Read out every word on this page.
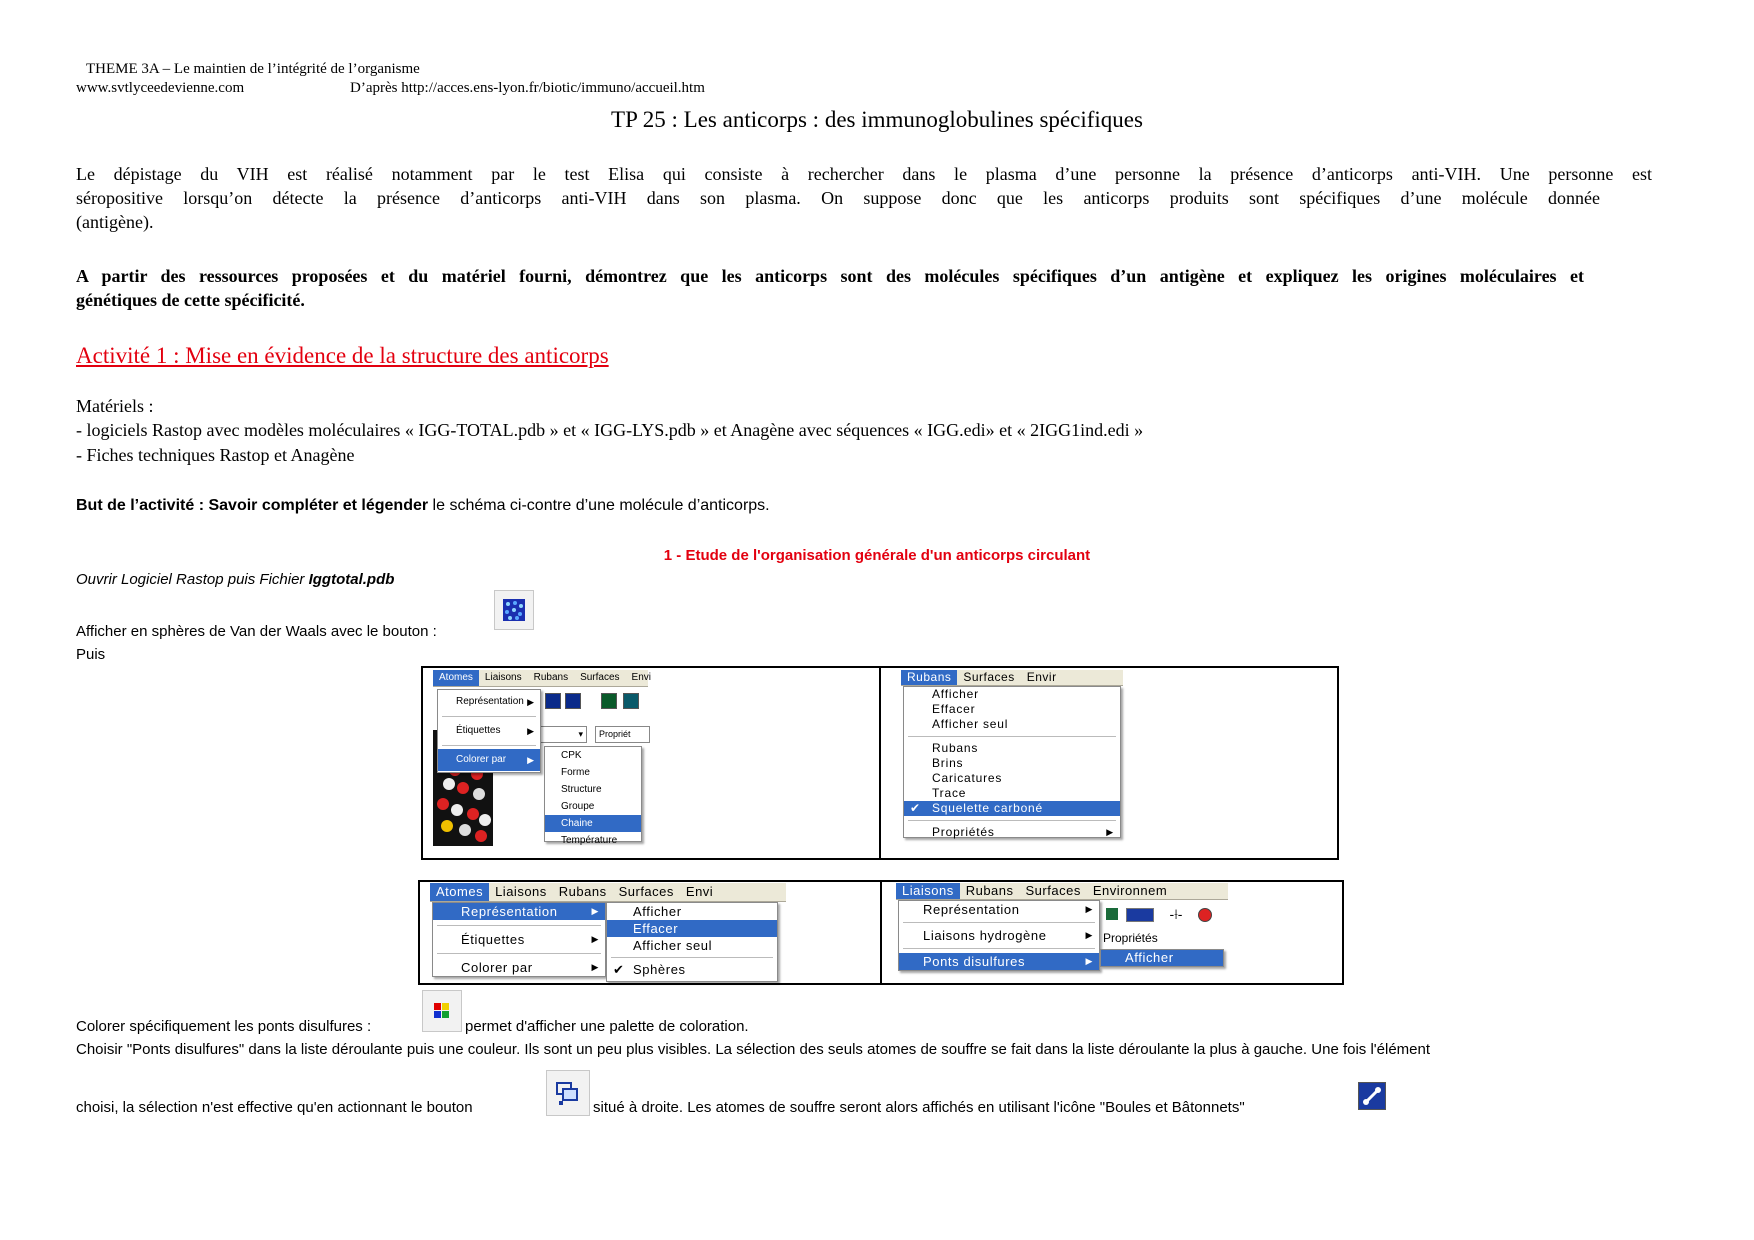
THEME 3A – Le maintien de l’intégrité de l’organisme
www.svtlyceedevienne.com	D’après http://acces.ens-lyon.fr/biotic/immuno/accueil.htm
TP 25 : Les anticorps : des immunoglobulines spécifiques
Le dépistage du VIH est réalisé notamment par le test Elisa qui consiste à rechercher dans le plasma d’une personne la présence d’anticorps anti-VIH. Une personne est
séropositive lorsqu’on détecte la présence d’anticorps anti-VIH dans son plasma. On suppose donc que les anticorps produits sont spécifiques d’une molécule donnée
(antigène).
A partir des ressources proposées et du matériel fourni, démontrez que les anticorps sont des molécules spécifiques d’un antigène et expliquez les origines moléculaires et
génétiques de cette spécificité.
Activité 1 : Mise en évidence de la structure des anticorps
Matériels :
- logiciels Rastop avec modèles moléculaires « IGG-TOTAL.pdb » et « IGG-LYS.pdb » et Anagène avec séquences « IGG.edi» et « 2IGG1ind.edi »
- Fiches techniques Rastop et Anagène
But de l’activité : Savoir compléter et légender le schéma ci-contre d’une molécule d’anticorps.
1 - Etude de l'organisation générale d'un anticorps circulant
Ouvrir Logiciel Rastop puis Fichier Iggtotal.pdb
Afficher en sphères de Van der Waals avec le bouton :
Puis
Atomes	Liaisons	Rubans	Surfaces	Envi
▾	Propriét
Représentation ▶
Étiquettes	▶
Colorer par ▶	CPK
Forme
Structure
Groupe
Chaine
Température

Rubans	Surfaces	Envir
Afficher
Effacer
Afficher seul
Rubans
Brins
Caricatures
Trace
✔ Squelette carboné
Propriétés	▶
Atomes Liaisons Rubans Surfaces Envi
Représentation	▶
Étiquettes	▶
Colorer par	▶
Afficher
Effacer
Afficher seul
✔ Sphères

Liaisons Rubans Surfaces Environnem
-⟊-
Propriétés
Représentation	▶
Liaisons hydrogène	▶
Ponts disulfures	▶	Afficher
Colorer spécifiquement les ponts disulfures :	permet d'afficher une palette de coloration.
Choisir "Ponts disulfures" dans la liste déroulante puis une couleur. Ils sont un peu plus visibles. La sélection des seuls atomes de souffre se fait dans la liste déroulante la plus à gauche. Une fois l'élément
choisi, la sélection n'est effective qu'en actionnant le bouton	situé à droite. Les atomes de souffre seront alors affichés en utilisant l'icône "Boules et Bâtonnets"
